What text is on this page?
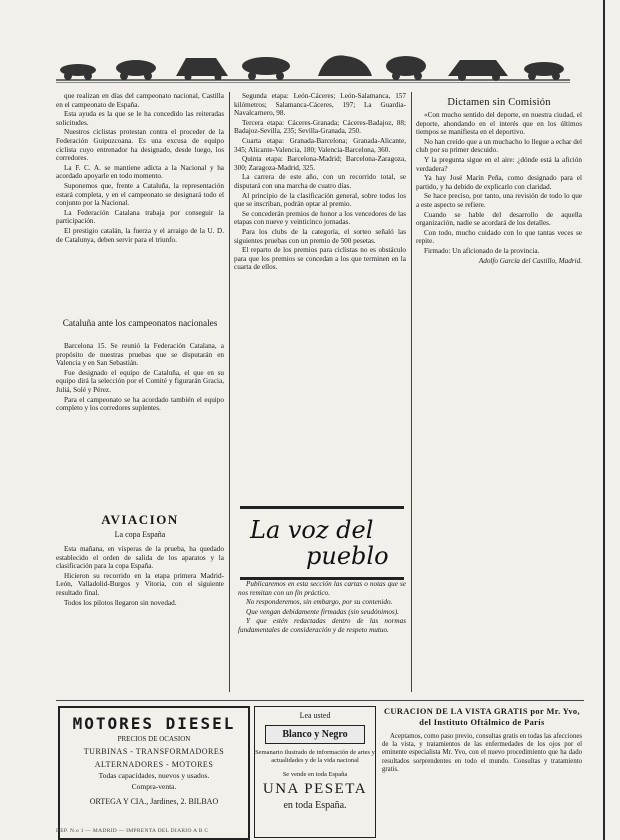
que realizan en días del campeonato nacional, Castilla en el campeonato de España.

Esta ayuda es la que se le ha concedido las reiteradas solicitudes.

Nuestros ciclistas protestan contra el proceder de la Federación Guipuzcoana. Es una excusa de equipo ciclista cuyo entrenador ha designado, desde luego, los corredores.

La F. C. A. se mantiene adicta a la Nacional y ha acordado apoyarle en todo momento.

Suponemos que, frente a Cataluña, la representación estará completa, y en el campeonato se designará todo el conjunto por la Nacional.

La Federación Catalana trabaja por conseguir la participación.

El prestigio catalán, la fuerza y el arraigo de la U. D. de Catalunya, deben servir para el triunfo.

Cataluña ante los campeonatos nacionales

Barcelona 15. Se reunió la Federación Catalana, a propósito de nuestras pruebas que se disputarán en Valencia y en San Sebastián.

Fue designado el equipo de Cataluña, el que en su equipo dirá la selección por el Comité y figurarán Gracia, Juliá, Solé y Pérez.

Para el campeonato se ha acordado también el equipo completo y los corredores suplentes.

AVIACION
La copa España

Esta mañana, en vísperas de la prueba, ha quedado establecido el orden de salida de los aparatos y la clasificación para la copa España.

Hicieron su recorrido en la etapa primera Madrid-León, Valladolid-Burgos y Vitoria, con el siguiente resultado final.

Todos los pilotos llegaron sin novedad.

Segunda etapa: León-Cáceres; León-Salamanca, 157 kilómetros; Salamanca-Cáceres, 197; La Guardia-Navalcarnero, 98.

Tercera etapa: Cáceres-Granada; Cáceres-Badajoz, 88; Badajoz-Sevilla, 235; Sevilla-Granada, 250.

Cuarta etapa: Granada-Barcelona; Granada-Alicante, 345; Alicante-Valencia, 180; Valencia-Barcelona, 360.

Quinta etapa: Barcelona-Madrid; Barcelona-Zaragoza, 300; Zaragoza-Madrid, 325.

La carrera de este año, con un recorrido total, se disputará con una marcha de cuatro días.

Al principio de la clasificación general, sobre todos los que se inscriban, podrán optar al premio.

Se concederán premios de honor a los vencedores de las etapas con nueve y veinticinco jornadas.

Para los clubs de la categoría, el sorteo señaló las siguientes pruebas con un premio de 500 pesetas.

El reparto de los premios para ciclistas no es obstáculo para que los premios se concedan a los que terminen en la cuarta de ellos.

La voz del
pueblo

Publicaremos en esta sección las cartas o notas que se nos remitan con un fin práctico.

No responderemos, sin embargo, por su contenido.

Que vengan debidamente firmadas (sin seudónimos).

Y que estén redactadas dentro de las normas fundamentales de consideración y de respeto mutuo.

Dictamen sin Comisión

«Con mucho sentido del deporte, en nuestra ciudad, el deporte, ahondando en el interés que en los últimos tiempos se manifiesta en el deportivo.

No han creído que a un muchacho lo llegue a echar del club por su primer descuido.

Y la pregunta sigue en el aire: ¿dónde está la afición verdadera?

Ya hay José Marín Peña, como designado para el partido, y ha debido de explicarlo con claridad.

Se hace preciso, por tanto, una revisión de todo lo que a este aspecto se refiere.

Cuando se hable del desarrollo de aquella organización, nadie se acordará de los detalles.

Con todo, mucho cuidado con lo que tantas veces se repite.

Firmado: Un aficionado de la provincia.

Adolfo García del Castillo, Madrid.

MOTORES DIESEL
PRECIOS DE OCASION
TURBINAS - TRANSFORMADORES
ALTERNADORES - MOTORES
Todas capacidades, nuevos y usados.
Compra-venta.
ORTEGA Y CIA., Jardines, 2. BILBAO
Lea usted
Blanco y Negro
Semanario ilustrado de información de artes y actualidades y de la vida nacional
Se vende en toda España
UNA PESETA
en toda España.
CURACION DE LA VISTA GRATIS por Mr. Yvo, del Instituto Oftálmico de París
Aceptamos, como paso previo, consultas gratis en todas las afecciones de la vista, y tratamientos de las enfermedades de los ojos por el eminente especialista Mr. Yvo, con el nuevo procedimiento que ha dado resultados sorprendentes en todo el mundo. Consultas y tratamiento gratis.
DEP. N.o 1 — MADRID — IMPRENTA DEL DIARIO A B C
